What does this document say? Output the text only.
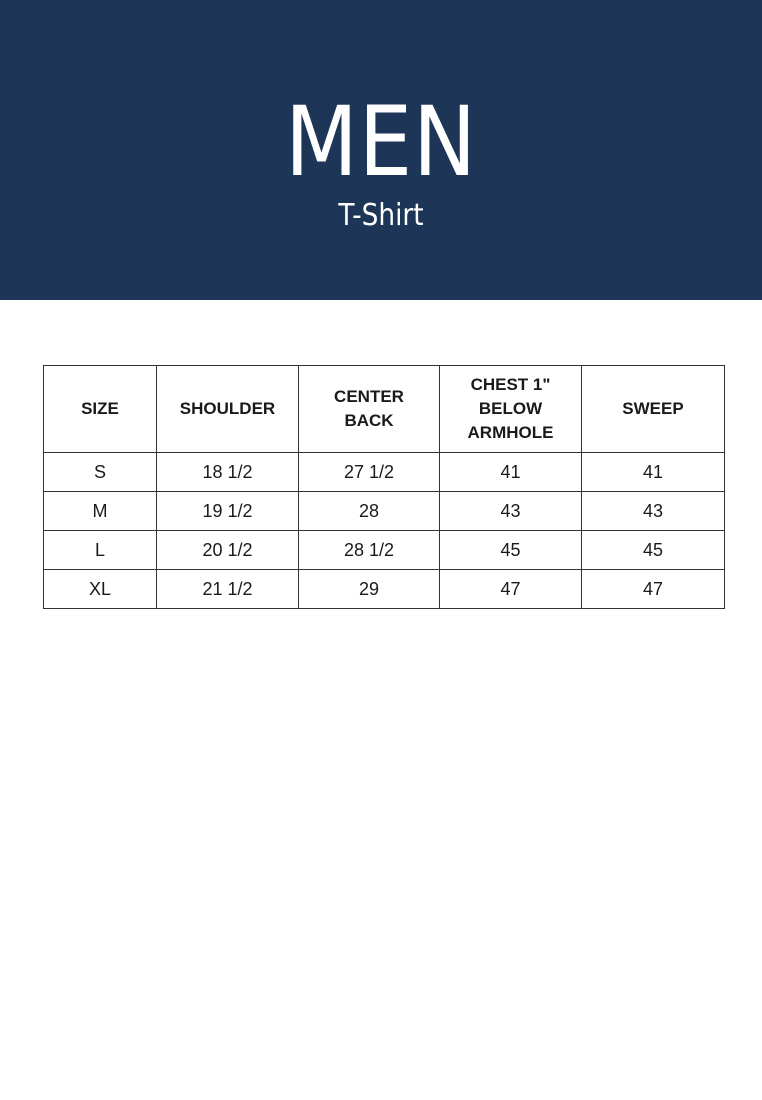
MEN
T-Shirt
SIZE	SHOULDER	CENTER BACK	CHEST 1" BELOW ARMHOLE	SWEEP
S	18 1/2	27 1/2	41	41
M	19 1/2	28	43	43
L	20 1/2	28 1/2	45	45
XL	21 1/2	29	47	47
